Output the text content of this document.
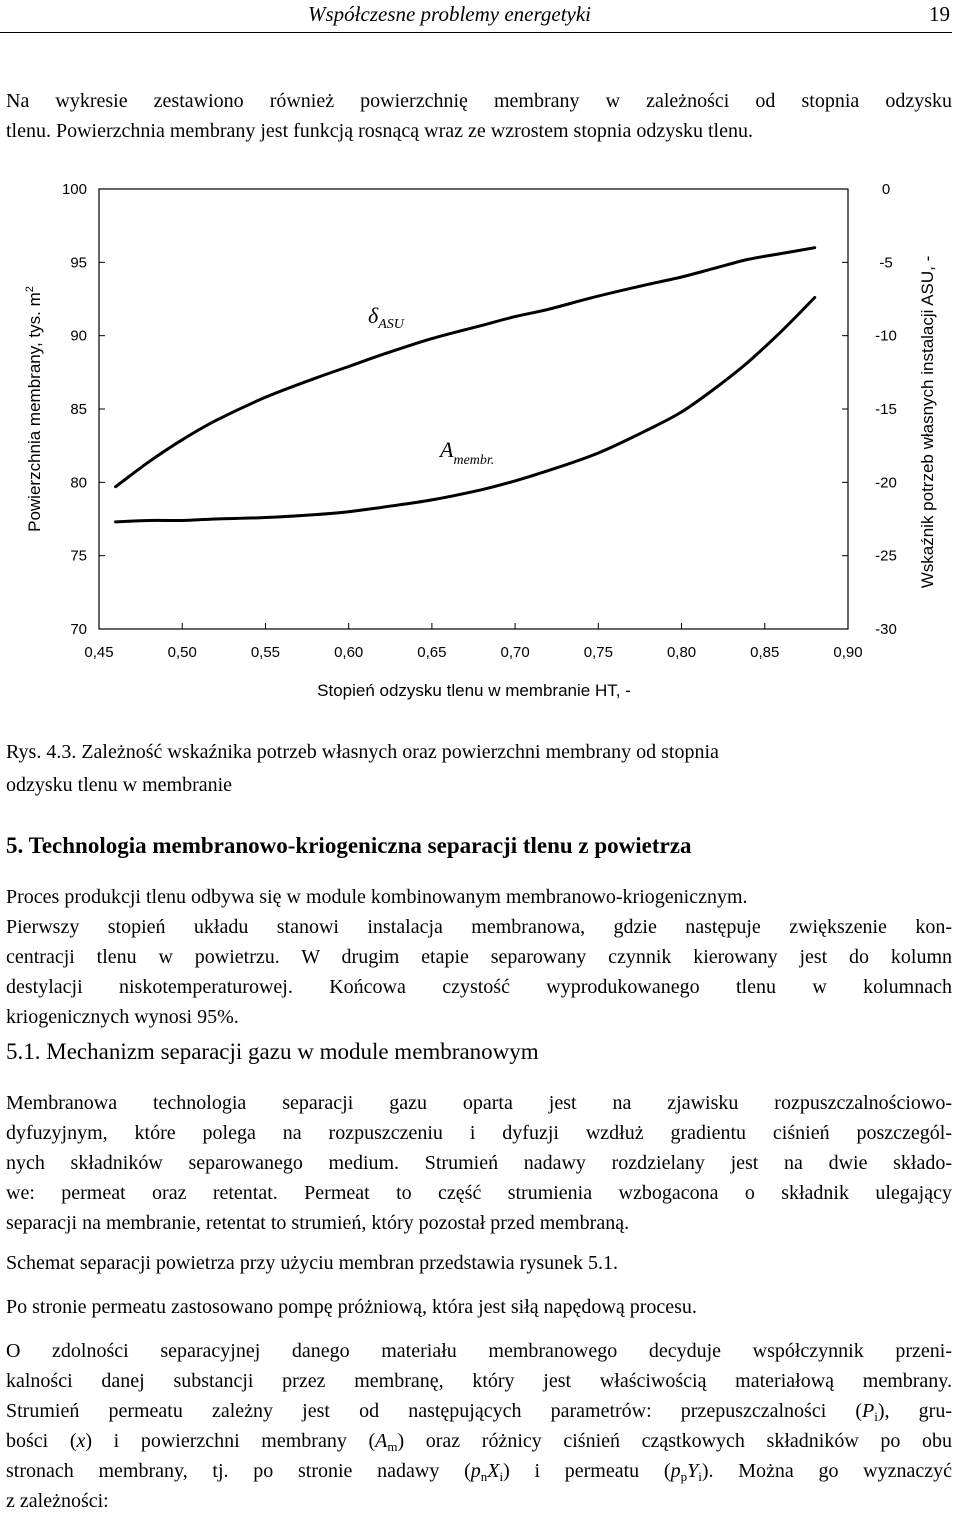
Współczesne problemy energetyki	19
Na wykresie zestawiono również powierzchnię membrany w zależności od stopnia odzysku
tlenu. Powierzchnia membrany jest funkcją rosnącą wraz ze wzrostem stopnia odzysku tlenu.
70
75
80
85
90
95
100
-30
-25
-20
-15
-10
-5
0
0,45	0,50	0,55	0,60	0,65	0,70	0,75	0,80	0,85	0,90
Stopień odzysku tlenu w membranie HT, -
Powierzchnia membrany, tys. $m^2$	Wskaźnik potrzeb własnych instalacji ASU, -
$\delta_{ASU}$
$A_{membr.}$
Rys. 4.3. Zależność wskaźnika potrzeb własnych oraz powierzchni membrany od stopnia
odzysku tlenu w membranie
5. Technologia membranowo-kriogeniczna separacji tlenu z powietrza
Proces produkcji tlenu odbywa się w module kombinowanym membranowo-kriogenicznym.
Pierwszy stopień układu stanowi instalacja membranowa, gdzie następuje zwiększenie kon-
centracji tlenu w powietrzu. W drugim etapie separowany czynnik kierowany jest do kolumn
destylacji niskotemperaturowej. Końcowa czystość wyprodukowanego tlenu w kolumnach
kriogenicznych wynosi 95%.
5.1. Mechanizm separacji gazu w module membranowym
Membranowa technologia separacji gazu oparta jest na zjawisku rozpuszczalnościowo-
dyfuzyjnym, które polega na rozpuszczeniu i dyfuzji wzdłuż gradientu ciśnień poszczegól-
nych składników separowanego medium. Strumień nadawy rozdzielany jest na dwie składo-
we: permeat oraz retentat. Permeat to część strumienia wzbogacona o składnik ulegający
separacji na membranie, retentat to strumień, który pozostał przed membraną.
Schemat separacji powietrza przy użyciu membran przedstawia rysunek 5.1.
Po stronie permeatu zastosowano pompę próżniową, która jest siłą napędową procesu.
O zdolności separacyjnej danego materiału membranowego decyduje współczynnik przeni-
kalności danej substancji przez membranę, który jest właściwością materiałową membrany.
Strumień permeatu zależny jest od następujących parametrów: przepuszczalności $(P_i)$, gru-
bości (x) i powierzchni membrany $(A_m)$ oraz różnicy ciśnień cząstkowych składników po obu
stronach membrany, tj. po stronie nadawy $(p_nX_i)$ i permeatu $(p_pY_i)$. Można go wyznaczyć
z zależności:
